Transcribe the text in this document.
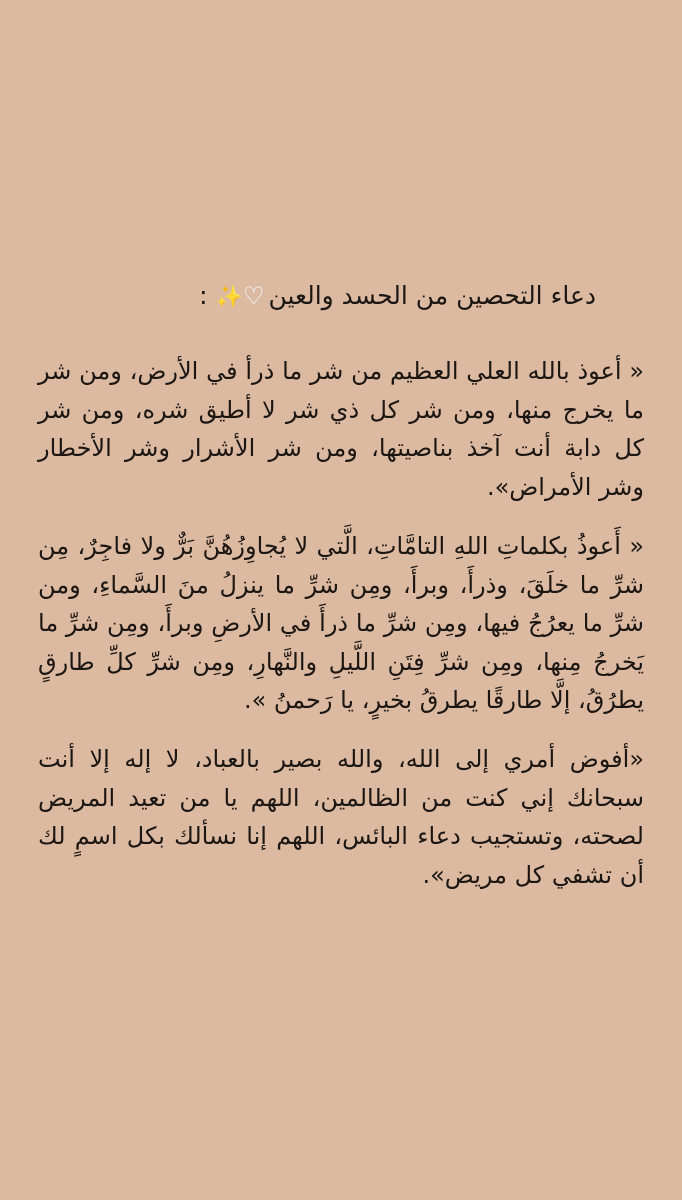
دعاء التحصين من الحسد والعين♡✨:
« أعوذ بالله العلي العظيم من شر ما ذرأ في الأرض، ومن شر ما يخرج منها، ومن شر كل ذي شر لا أطيق شره، ومن شر كل دابة أنت آخذ بناصيتها، ومن شر الأشرار وشر الأخطار وشر الأمراض».
« أَعوذُ بكلماتِ اللهِ التامَّاتِ، الَّتي لا يُجاوِزُهُنَّ بَرٌّ ولا فاجِرٌ، مِن شرِّ ما خلَقَ، وذرأَ، وبرأَ، ومِن شرِّ ما ينزلُ منَ السَّماءِ، ومن شرِّ ما يعرُجُ فيها، ومِن شرِّ ما ذرأَ في الأرضِ وبرأَ، ومِن شرِّ ما يَخرجُ مِنها، ومِن شرِّ فِتَنِ اللَّيلِ والنَّهارِ، ومِن شرِّ كلِّ طارقٍ يطرُقُ، إلَّا طارقًا يطرقُ بخيرٍ، يا رَحمنُ ».
«أفوض أمري إلى الله، والله بصير بالعباد، لا إله إلا أنت سبحانك إني كنت من الظالمين، اللهم يا من تعيد المريض لصحته، وتستجيب دعاء البائس، اللهم إنا نسألك بكل اسمٍ لك أن تشفي كل مريض».
